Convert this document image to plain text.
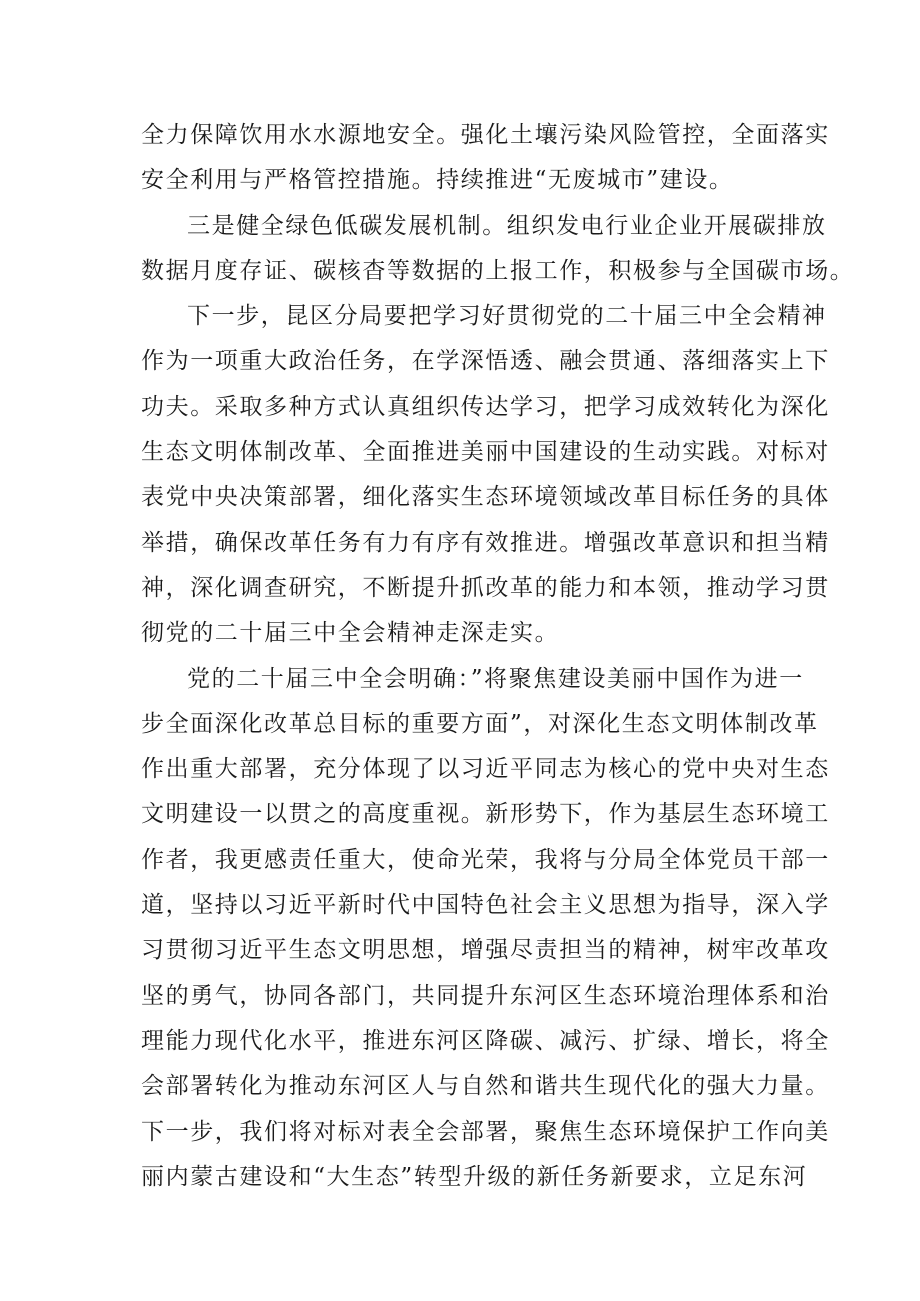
全力保障饮用水水源地安全。强化土壤污染风险管控，全面落实
安全利用与严格管控措施。持续推进“无废城市”建设。
三是健全绿色低碳发展机制。组织发电行业企业开展碳排放
数据月度存证、碳核杳等数据的上报工作，积极参与全国碳市场。
下一步，昆区分局要把学习好贯彻党的二十届三中全会精神
作为一项重大政治任务，在学深悟透、融会贯通、落细落实上下
功夫。采取多种方式认真组织传达学习，把学习成效转化为深化
生态文明体制改革、全面推进美丽中国建设的生动实践。对标对
表党中央决策部署，细化落实生态环境领域改革目标任务的具体
举措，确保改革任务有力有序有效推进。增强改革意识和担当精
神，深化调查研究，不断提升抓改革的能力和本领，推动学习贯
彻党的二十届三中全会精神走深走实。
党的二十届三中全会明确：”将聚焦建设美丽中国作为进一
步全面深化改革总目标的重要方面”，对深化生态文明体制改革
作出重大部署，充分体现了以习近平同志为核心的党中央对生态
文明建设一以贯之的高度重视。新形势下，作为基层生态环境工
作者，我更感责任重大，使命光荣，我将与分局全体党员干部一
道，坚持以习近平新时代中国特色社会主义思想为指导，深入学
习贯彻习近平生态文明思想，增强尽责担当的精神，树牢改革攻
坚的勇气，协同各部门，共同提升东河区生态环境治理体系和治
理能力现代化水平，推进东河区降碳、减污、扩绿、增长，将全
会部署转化为推动东河区人与自然和谐共生现代化的强大力量。
下一步，我们将对标对表全会部署，聚焦生态环境保护工作向美
丽内蒙古建设和“大生态”转型升级的新任务新要求，立足东河
